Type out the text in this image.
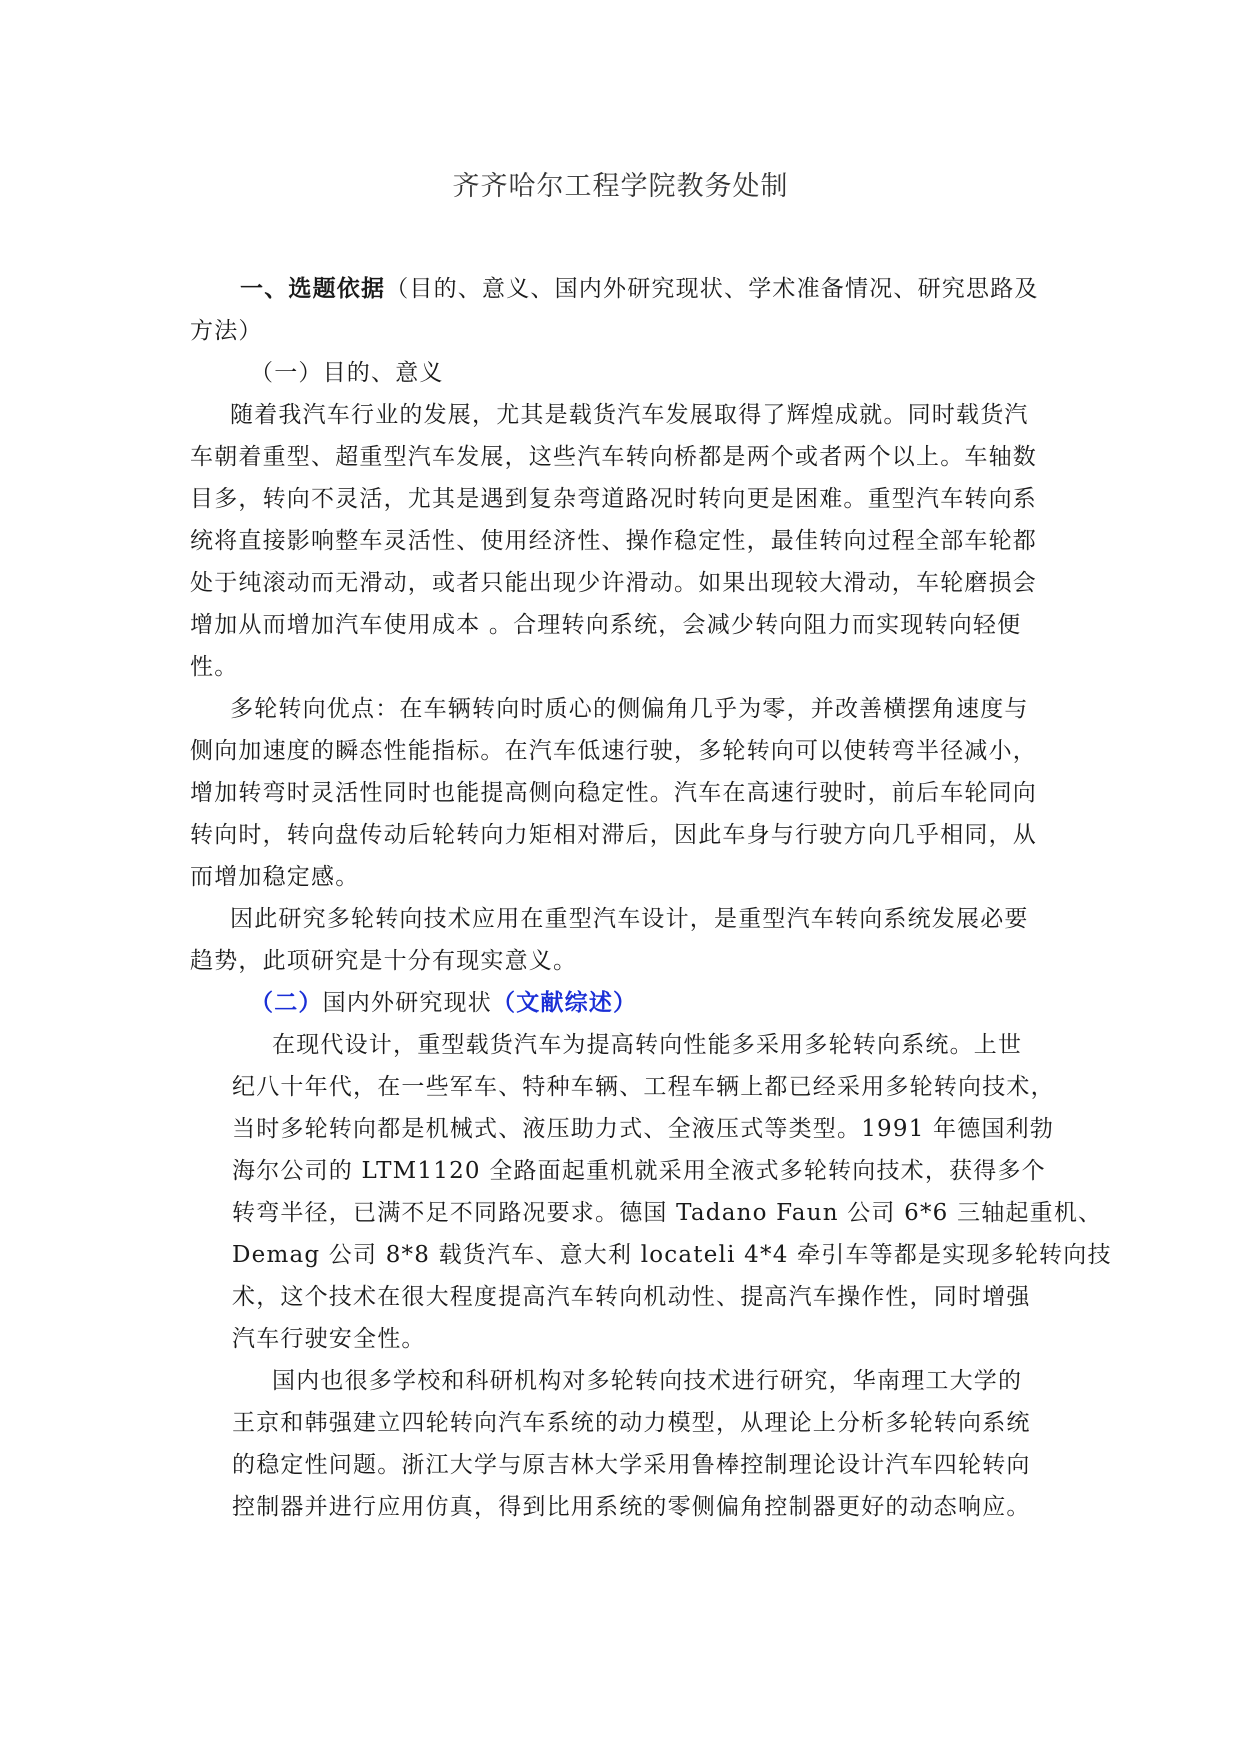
齐齐哈尔工程学院教务处制
一、选题依据（目的、意义、国内外研究现状、学术准备情况、研究思路及
方法）
（一）目的、意义
随着我汽车行业的发展，尤其是载货汽车发展取得了辉煌成就。同时载货汽
车朝着重型、超重型汽车发展，这些汽车转向桥都是两个或者两个以上。车轴数
目多，转向不灵活，尤其是遇到复杂弯道路况时转向更是困难。重型汽车转向系
统将直接影响整车灵活性、使用经济性、操作稳定性，最佳转向过程全部车轮都
处于纯滚动而无滑动，或者只能出现少许滑动。如果出现较大滑动，车轮磨损会
增加从而增加汽车使用成本 。合理转向系统，会减少转向阻力而实现转向轻便
性。
多轮转向优点：在车辆转向时质心的侧偏角几乎为零，并改善横摆角速度与
侧向加速度的瞬态性能指标。在汽车低速行驶，多轮转向可以使转弯半径减小，
增加转弯时灵活性同时也能提高侧向稳定性。汽车在高速行驶时，前后车轮同向
转向时，转向盘传动后轮转向力矩相对滞后，因此车身与行驶方向几乎相同，从
而增加稳定感。
因此研究多轮转向技术应用在重型汽车设计，是重型汽车转向系统发展必要
趋势，此项研究是十分有现实意义。
（二）国内外研究现状（文献综述）
在现代设计，重型载货汽车为提高转向性能多采用多轮转向系统。上世
纪八十年代，在一些军车、特种车辆、工程车辆上都已经采用多轮转向技术，
当时多轮转向都是机械式、液压助力式、全液压式等类型。1991 年德国利勃
海尔公司的 LTM1120 全路面起重机就采用全液式多轮转向技术，获得多个
转弯半径，已满不足不同路况要求。德国 Tadano Faun 公司 6*6 三轴起重机、
Demag 公司 8*8 载货汽车、意大利 locateli 4*4 牵引车等都是实现多轮转向技
术，这个技术在很大程度提高汽车转向机动性、提高汽车操作性，同时增强
汽车行驶安全性。
国内也很多学校和科研机构对多轮转向技术进行研究，华南理工大学的
王京和韩强建立四轮转向汽车系统的动力模型，从理论上分析多轮转向系统
的稳定性问题。浙江大学与原吉林大学采用鲁棒控制理论设计汽车四轮转向
控制器并进行应用仿真，得到比用系统的零侧偏角控制器更好的动态响应。
